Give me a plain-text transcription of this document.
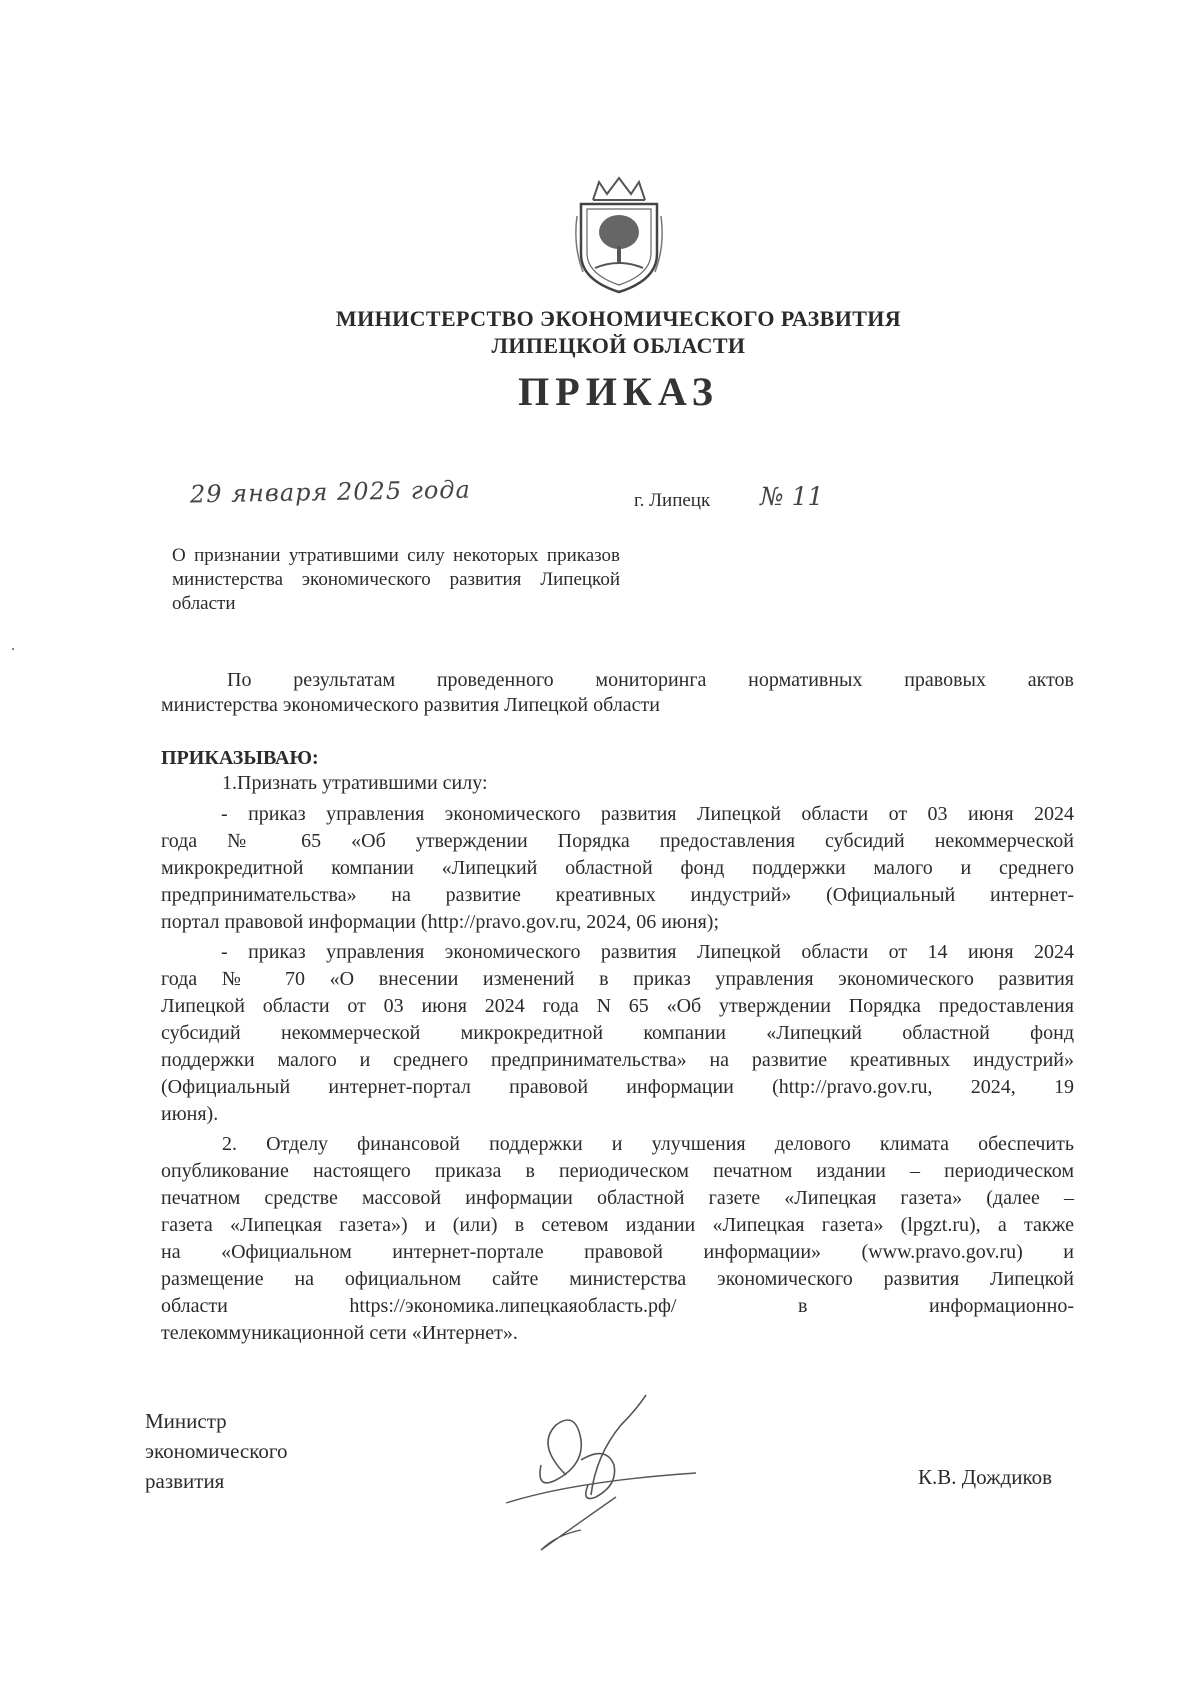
МИНИСТЕРСТВО ЭКОНОМИЧЕСКОГО РАЗВИТИЯ
ЛИПЕЦКОЙ ОБЛАСТИ
ПРИКАЗ
29 января 2025 года	г. Липецк № 11
О признании утратившими силу некоторых приказов министерства экономического развития Липецкой области
По результатам проведенного мониторинга нормативных правовых актов
министерства экономического развития Липецкой области
ПРИКАЗЫВАЮ:
1.Признать утратившими силу:
- приказ управления экономического развития Липецкой области от 03 июня 2024
года № 65 «Об утверждении Порядка предоставления субсидий некоммерческой
микрокредитной компании «Липецкий областной фонд поддержки малого и среднего
предпринимательства» на развитие креативных индустрий» (Официальный интернет-
портал правовой информации (http://pravo.gov.ru, 2024, 06 июня);
- приказ управления экономического развития Липецкой области от 14 июня 2024
года № 70 «О внесении изменений в приказ управления экономического развития
Липецкой области от 03 июня 2024 года N 65 «Об утверждении Порядка предоставления
субсидий некоммерческой микрокредитной компании «Липецкий областной фонд
поддержки малого и среднего предпринимательства» на развитие креативных индустрий»
(Официальный интернет-портал правовой информации (http://pravo.gov.ru, 2024, 19
июня).
2. Отделу финансовой поддержки и улучшения делового климата обеспечить
опубликование настоящего приказа в периодическом печатном издании – периодическом
печатном средстве массовой информации областной газете «Липецкая газета» (далее –
газета «Липецкая газета») и (или) в сетевом издании «Липецкая газета» (lpgzt.ru), а также
на «Официальном интернет-портале правовой информации» (www.pravo.gov.ru) и
размещение на официальном сайте министерства экономического развития Липецкой
области https://экономика.липецкаяобласть.рф/ в информационно-
телекоммуникационной сети «Интернет».
Министр
экономического
развития	К.В. Дождиков
